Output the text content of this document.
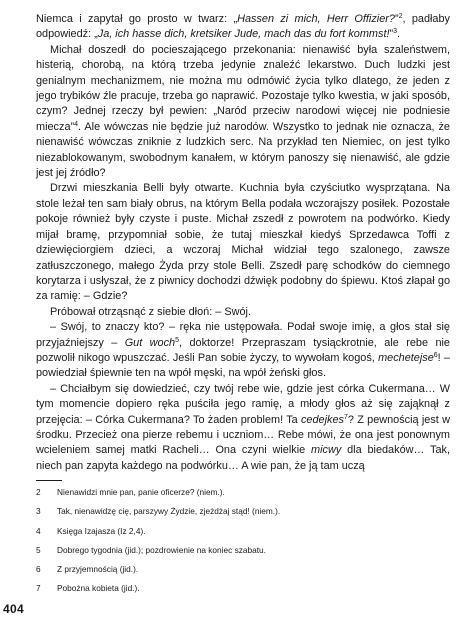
Niemca i zapytał go prosto w twarz: „Hassen zi mich, Herr Offizier?”$^2$, padłaby odpowiedź: „Ja, ich hasse dich, kretsiker Jude, mach das du fort kommst!”$^3$.

Michał doszedł do pocieszającego przekonania: nienawiść była szaleństwem, histerią, chorobą, na którą trzeba jedynie znaleźć lekarstwo. Duch ludzki jest genialnym mechanizmem, nie można mu odmówić życia tylko dlatego, że jeden z jego trybików źle pracuje, trzeba go naprawić. Pozostaje tylko kwestia, w jaki sposób, czym? Jednej rzeczy był pewien: „Naród przeciw narodowi więcej nie podniesie miecza”$^4$. Ale wówczas nie będzie już narodów. Wszystko to jednak nie oznacza, że nienawiść wówczas zniknie z ludzkich serc. Na przykład ten Niemiec, on jest tylko niezablokowanym, swobodnym kanałem, w którym panoszy się nienawiść, ale gdzie jest jej źródło?

Drzwi mieszkania Belli były otwarte. Kuchnia była czyściutko wysprzątana. Na stole leżał ten sam biały obrus, na którym Bella podała wczorajszy posiłek. Pozostałe pokoje również były czyste i puste. Michał zszedł z powrotem na podwórko. Kiedy mijał bramę, przypomniał sobie, że tutaj mieszkał kiedyś Sprzedawca Toffi z dziewięciorgiem dzieci, a wczoraj Michał widział tego szalonego, zawsze zatłuszczonego, małego Żyda przy stole Belli. Zszedł parę schodków do ciemnego korytarza i usłyszał, że z piwnicy dochodzi dźwięk podobny do śpiewu. Ktoś złapał go za ramię: – Gdzie?

Próbował otrząsnąć z siebie dłoń: – Swój.

– Swój, to znaczy kto? – ręka nie ustępowała. Podał swoje imię, a głos stał się przyjaźniejszy – Gut woch$^5$, doktorze! Przepraszam tysiąckrotnie, ale rebe nie pozwolił nikogo wpuszczać. Jeśli Pan sobie życzy, to wywołam kogoś, mechetejse$^6$! – powiedział śpiewnie ten na wpół męski, na wpół żeński głos.

– Chciałbym się dowiedzieć, czy twój rebe wie, gdzie jest córka Cukermana… W tym momencie dopiero ręka puściła jego ramię, a młody głos aż się zająknął z przejęcia: – Córka Cukermana? To żaden problem! Ta cedejkes$^7$? Z pewnością jest w środku. Przecież ona pierze rebemu i uczniom… Rebe mówi, że ona jest ponownym wcieleniem samej matki Racheli… Ona czyni wielkie micwy dla biedaków… Tak, niech pan zapyta każdego na podwórku… A wie pan, że ją tam uczą

2	Nienawidzi mnie pan, panie oficerze? (niem.).
3	Tak, nienawidzę cię, parszywy Żydzie, zjeżdżaj stąd! (niem.).
4	Księga Izajasza (Iz 2,4).
5	Dobrego tygodnia (jid.); pozdrowienie na koniec szabatu.
6	Z przyjemnością (jid.).
7	Pobożna kobieta (jid.).
404
